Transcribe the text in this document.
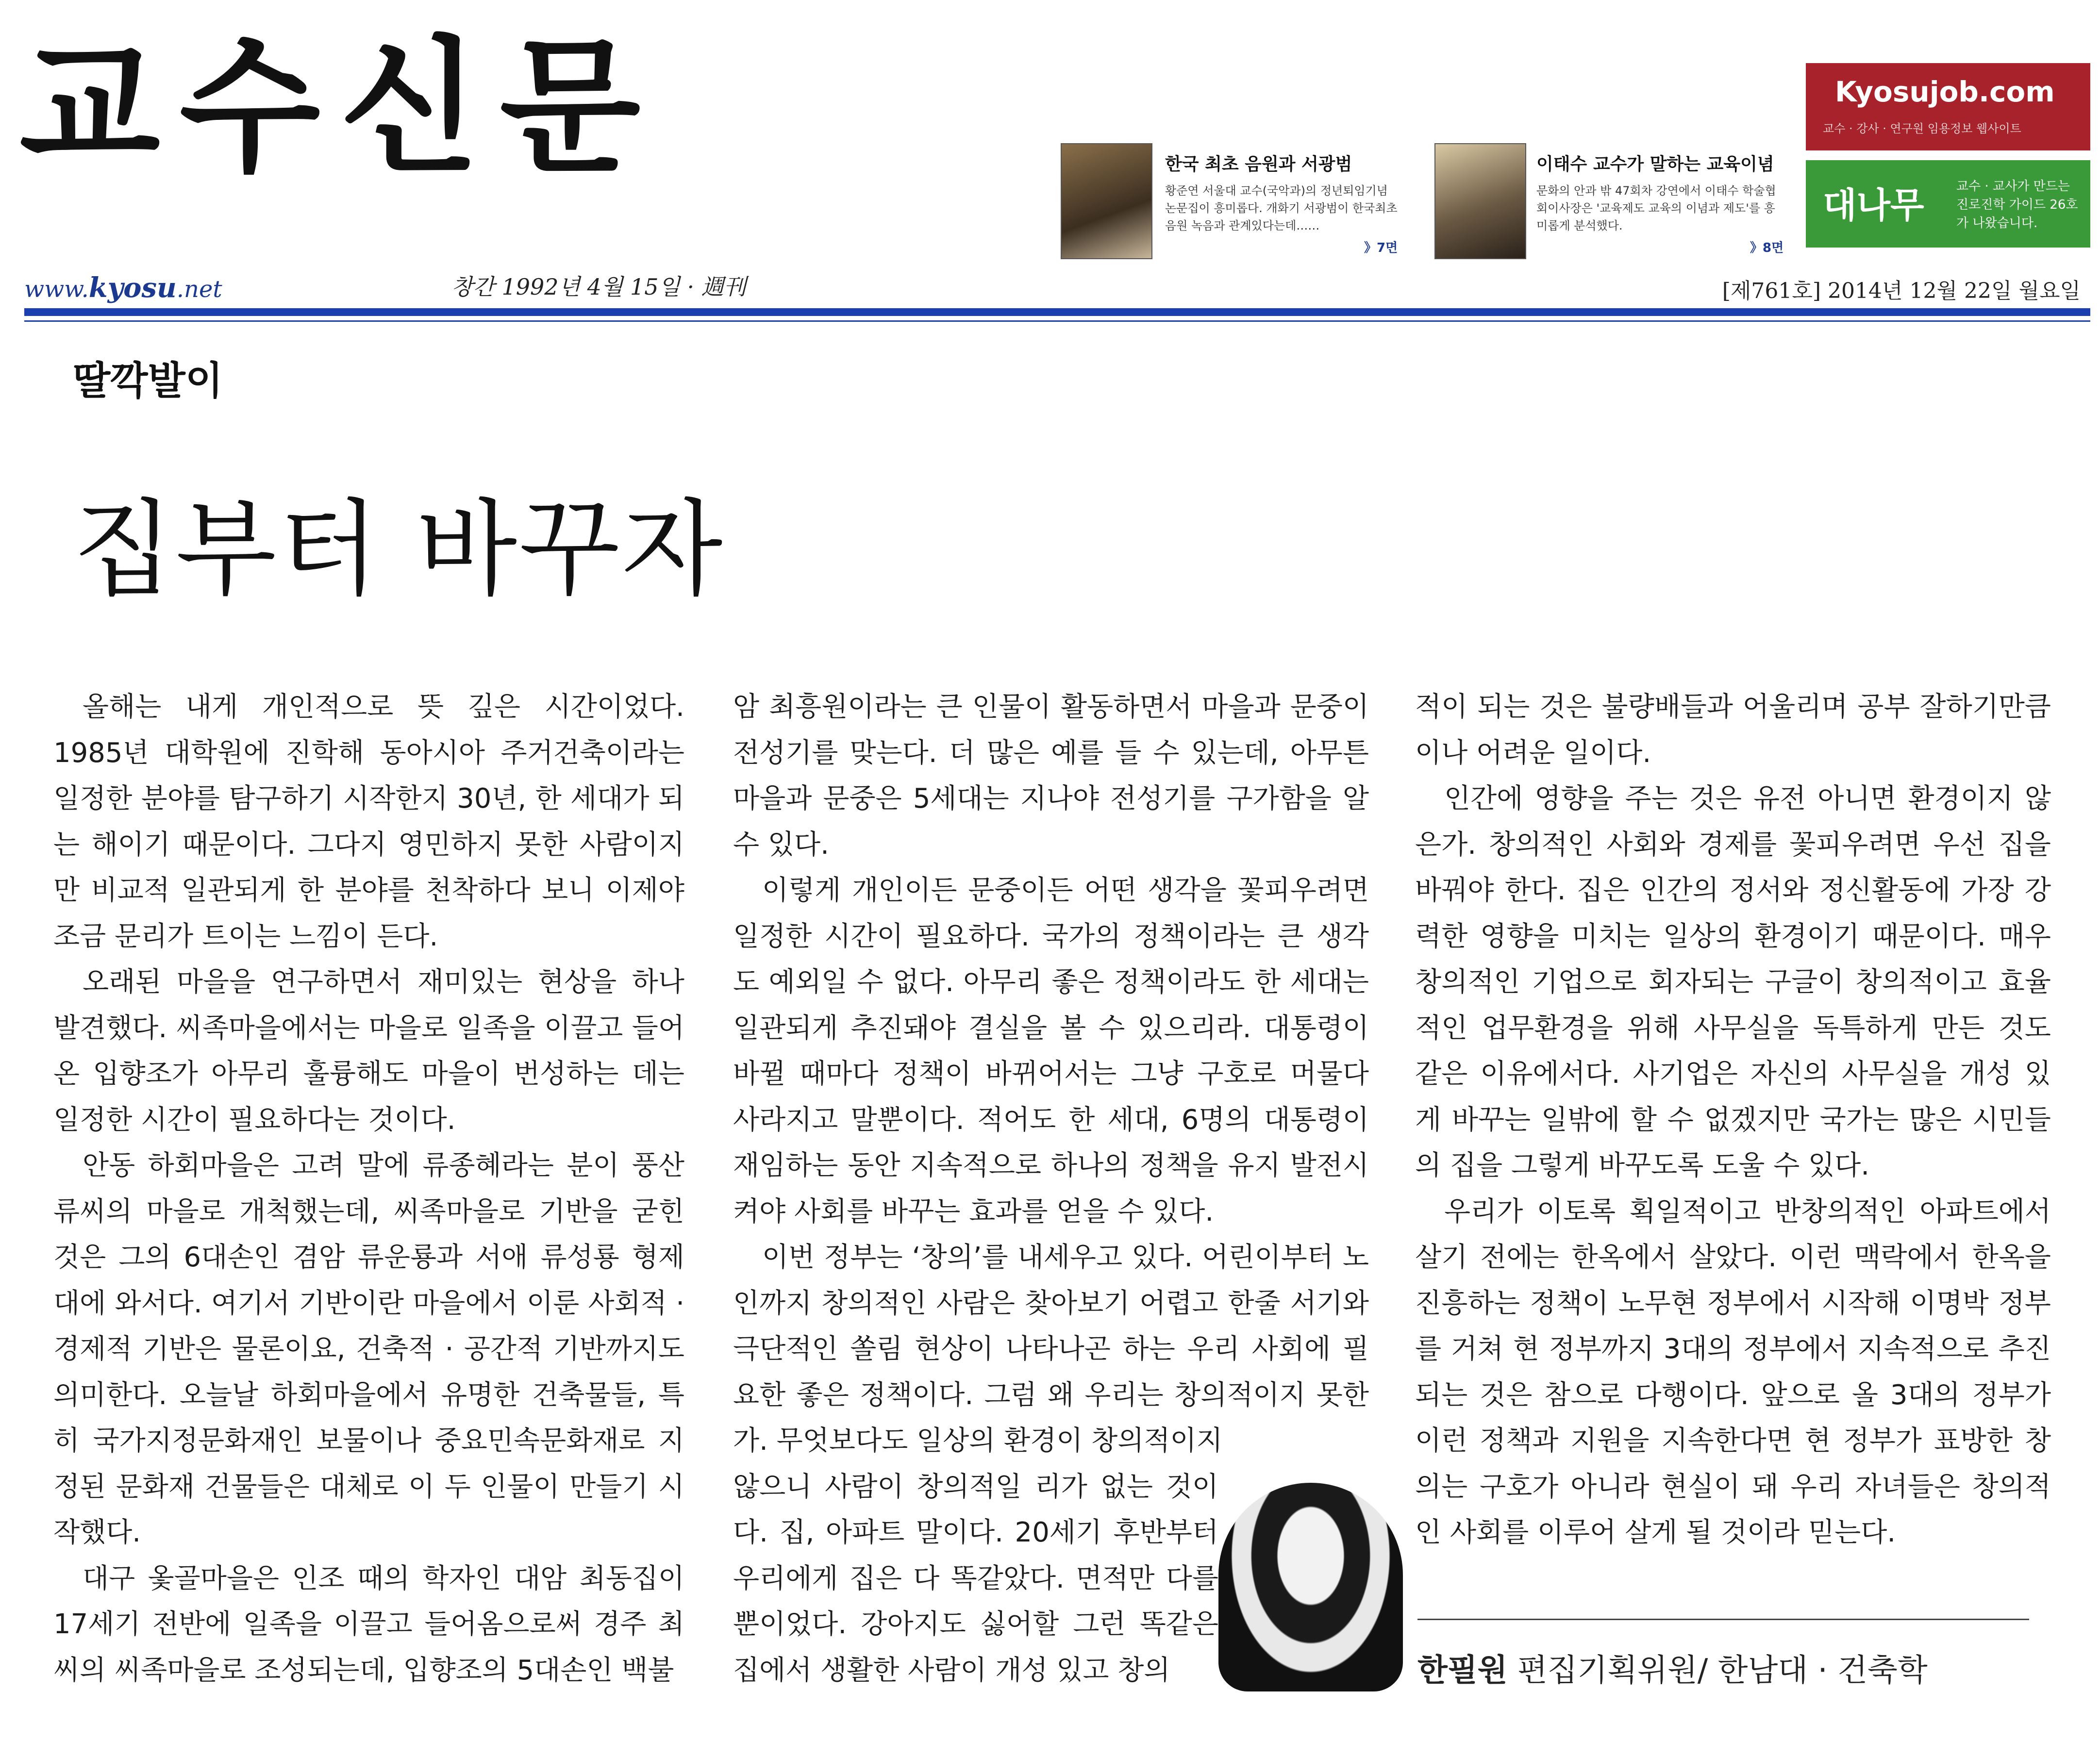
교수신문
www.kyosu.net	창간 1992년 4월 15일 · 週刊	[제761호] 2014년 12월 22일 월요일
한국 최초 음원과 서광범
황준연 서울대 교수(국악과)의 정년퇴임기념논문집이 흥미롭다. 개화기 서광범이 한국최초 음원 녹음과 관계있다는데……
》7면
이태수 교수가 말하는 교육이념
문화의 안과 밖 47회차 강연에서 이태수 학술협회이사장은 '교육제도 교육의 이념과 제도'를 흥미롭게 분석했다.
》8면
Kyosujob.com
교수 · 강사 · 연구원 임용정보 웹사이트
대나무	교수 · 교사가 만드는 진로진학 가이드 26호가 나왔습니다.
딸깍발이
집부터 바꾸자

올해는 내게 개인적으로 뜻 깊은 시간이었다. 1985년 대학원에 진학해 동아시아 주거건축이라는 일정한 분야를 탐구하기 시작한지 30년, 한 세대가 되는 해이기 때문이다. 그다지 영민하지 못한 사람이지만 비교적 일관되게 한 분야를 천착하다 보니 이제야 조금 문리가 트이는 느낌이 든다.

오래된 마을을 연구하면서 재미있는 현상을 하나 발견했다. 씨족마을에서는 마을로 일족을 이끌고 들어온 입향조가 아무리 훌륭해도 마을이 번성하는 데는 일정한 시간이 필요하다는 것이다.

안동 하회마을은 고려 말에 류종혜라는 분이 풍산 류씨의 마을로 개척했는데, 씨족마을로 기반을 굳힌 것은 그의 6대손인 겸암 류운룡과 서애 류성룡 형제 대에 와서다. 여기서 기반이란 마을에서 이룬 사회적 · 경제적 기반은 물론이요, 건축적 · 공간적 기반까지도 의미한다. 오늘날 하회마을에서 유명한 건축물들, 특히 국가지정문화재인 보물이나 중요민속문화재로 지정된 문화재 건물들은 대체로 이 두 인물이 만들기 시작했다.

대구 옻골마을은 인조 때의 학자인 대암 최동집이 17세기 전반에 일족을 이끌고 들어옴으로써 경주 최씨의 씨족마을로 조성되는데, 입향조의 5대손인 백불

암 최흥원이라는 큰 인물이 활동하면서 마을과 문중이 전성기를 맞는다. 더 많은 예를 들 수 있는데, 아무튼 마을과 문중은 5세대는 지나야 전성기를 구가함을 알 수 있다.

이렇게 개인이든 문중이든 어떤 생각을 꽃피우려면 일정한 시간이 필요하다. 국가의 정책이라는 큰 생각도 예외일 수 없다. 아무리 좋은 정책이라도 한 세대는 일관되게 추진돼야 결실을 볼 수 있으리라. 대통령이 바뀔 때마다 정책이 바뀌어서는 그냥 구호로 머물다 사라지고 말뿐이다. 적어도 한 세대, 6명의 대통령이 재임하는 동안 지속적으로 하나의 정책을 유지 발전시켜야 사회를 바꾸는 효과를 얻을 수 있다.

이번 정부는 ‘창의’를 내세우고 있다. 어린이부터 노인까지 창의적인 사람은 찾아보기 어렵고 한줄 서기와 극단적인 쏠림 현상이 나타나곤 하는 우리 사회에 필요한 좋은 정책이다. 그럼 왜 우리는 창의적이지 못한가. 무엇보다도 일상의 환경이 창의적이지

않으니 사람이 창의적일 리가 없는 것이 다. 집, 아파트 말이다. 20세기 후반부터 우리에게 집은 다 똑같았다. 면적만 다를 뿐이었다. 강아지도 싫어할 그런 똑같은 집에서 생활한 사람이 개성 있고 창의

적이 되는 것은 불량배들과 어울리며 공부 잘하기만큼이나 어려운 일이다.

인간에 영향을 주는 것은 유전 아니면 환경이지 않은가. 창의적인 사회와 경제를 꽃피우려면 우선 집을 바꿔야 한다. 집은 인간의 정서와 정신활동에 가장 강력한 영향을 미치는 일상의 환경이기 때문이다. 매우 창의적인 기업으로 회자되는 구글이 창의적이고 효율적인 업무환경을 위해 사무실을 독특하게 만든 것도 같은 이유에서다. 사기업은 자신의 사무실을 개성 있게 바꾸는 일밖에 할 수 없겠지만 국가는 많은 시민들의 집을 그렇게 바꾸도록 도울 수 있다.

우리가 이토록 획일적이고 반창의적인 아파트에서 살기 전에는 한옥에서 살았다. 이런 맥락에서 한옥을 진흥하는 정책이 노무현 정부에서 시작해 이명박 정부를 거쳐 현 정부까지 3대의 정부에서 지속적으로 추진되는 것은 참으로 다행이다. 앞으로 올 3대의 정부가 이런 정책과 지원을 지속한다면 현 정부가 표방한 창의는 구호가 아니라 현실이 돼 우리 자녀들은 창의적인 사회를 이루어 살게 될 것이라 믿는다.

한필원 편집기획위원/ 한남대 · 건축학
